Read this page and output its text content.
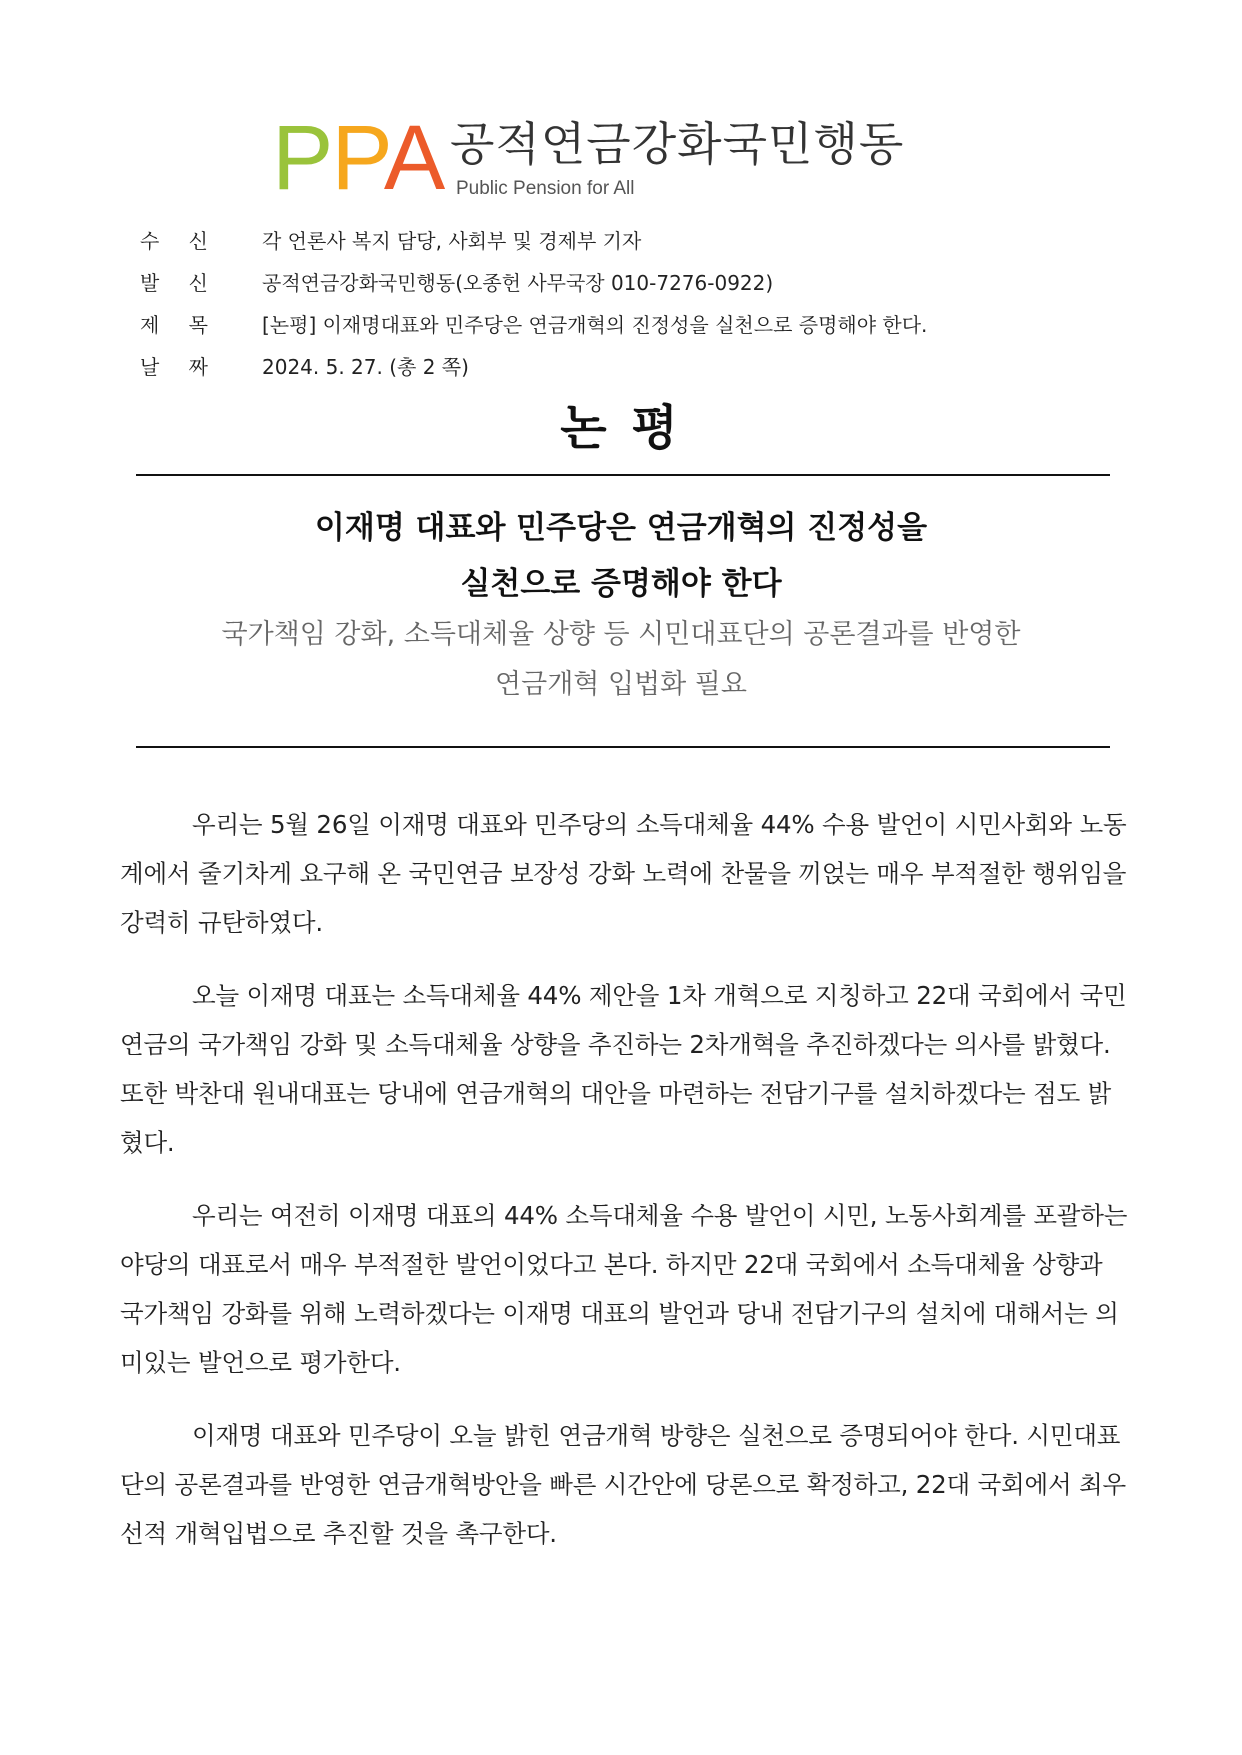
PPA 공적연금강화국민행동
Public Pension for All
수 신	각 언론사 복지 담당, 사회부 및 경제부 기자
발 신	공적연금강화국민행동(오종헌 사무국장 010-7276-0922)
제 목	[논평] 이재명대표와 민주당은 연금개혁의 진정성을 실천으로 증명해야 한다.
날 짜	2024. 5. 27. (총 2 쪽)
논 평
이재명 대표와 민주당은 연금개혁의 진정성을
실천으로 증명해야 한다
국가책임 강화, 소득대체율 상향 등 시민대표단의 공론결과를 반영한
연금개혁 입법화 필요

우리는 5월 26일 이재명 대표와 민주당의 소득대체율 44% 수용 발언이 시민사회와 노동계에서 줄기차게 요구해 온 국민연금 보장성 강화 노력에 찬물을 끼얹는 매우 부적절한 행위임을 강력히 규탄하였다.

오늘 이재명 대표는 소득대체율 44% 제안을 1차 개혁으로 지칭하고 22대 국회에서 국민연금의 국가책임 강화 및 소득대체율 상향을 추진하는 2차개혁을 추진하겠다는 의사를 밝혔다. 또한 박찬대 원내대표는 당내에 연금개혁의 대안을 마련하는 전담기구를 설치하겠다는 점도 밝혔다.

우리는 여전히 이재명 대표의 44% 소득대체율 수용 발언이 시민, 노동사회계를 포괄하는 야당의 대표로서 매우 부적절한 발언이었다고 본다. 하지만 22대 국회에서 소득대체율 상향과 국가책임 강화를 위해 노력하겠다는 이재명 대표의 발언과 당내 전담기구의 설치에 대해서는 의미있는 발언으로 평가한다.

이재명 대표와 민주당이 오늘 밝힌 연금개혁 방향은 실천으로 증명되어야 한다. 시민대표단의 공론결과를 반영한 연금개혁방안을 빠른 시간안에 당론으로 확정하고, 22대 국회에서 최우선적 개혁입법으로 추진할 것을 촉구한다.
